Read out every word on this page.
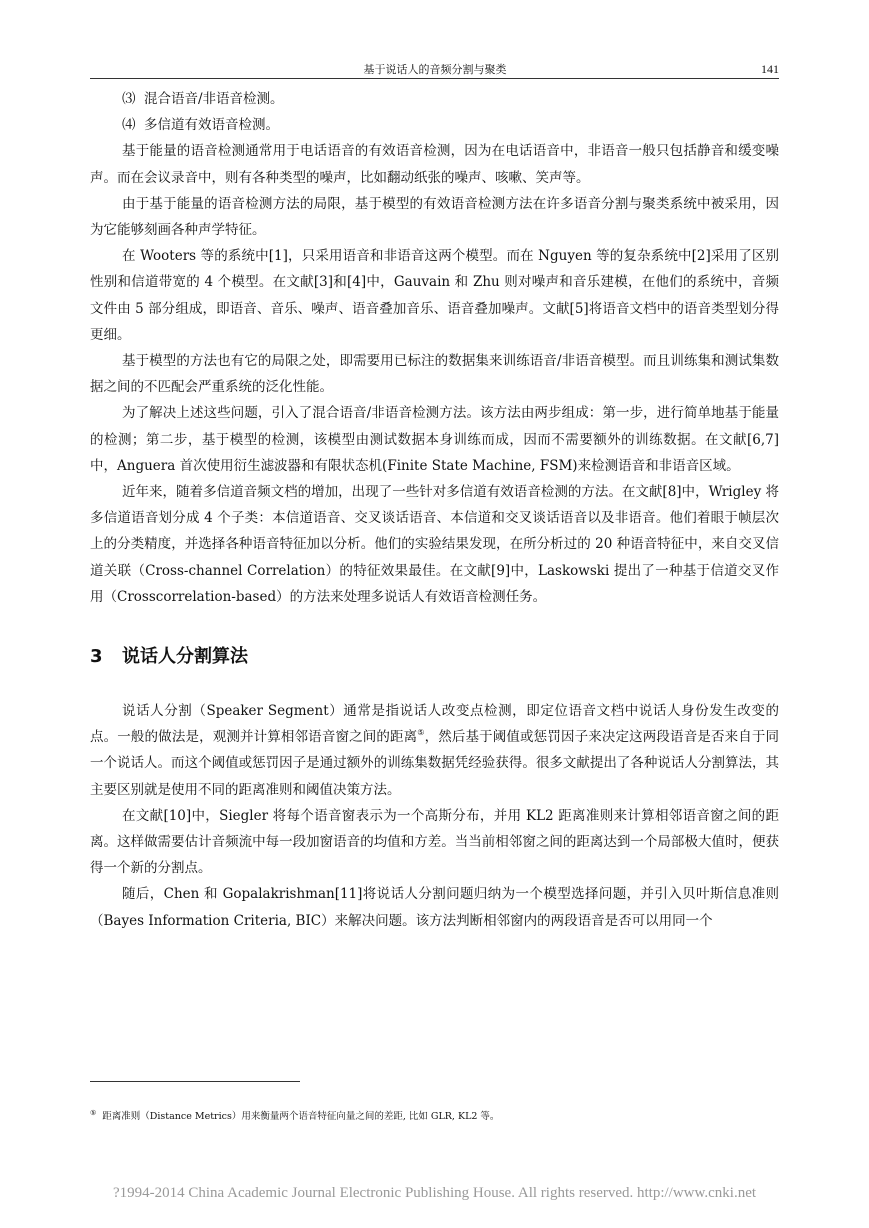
基于说话人的音频分割与聚类	141

⑶ 混合语音/非语音检测。

⑷ 多信道有效语音检测。

基于能量的语音检测通常用于电话语音的有效语音检测，因为在电话语音中，非语音一般只包括静音和缓变噪声。而在会议录音中，则有各种类型的噪声，比如翻动纸张的噪声、咳嗽、笑声等。

由于基于能量的语音检测方法的局限，基于模型的有效语音检测方法在许多语音分割与聚类系统中被采用，因为它能够刻画各种声学特征。

在 Wooters 等的系统中[1]，只采用语音和非语音这两个模型。而在 Nguyen 等的复杂系统中[2]采用了区别性别和信道带宽的 4 个模型。在文献[3]和[4]中，Gauvain 和 Zhu 则对噪声和音乐建模，在他们的系统中，音频文件由 5 部分组成，即语音、音乐、噪声、语音叠加音乐、语音叠加噪声。文献[5]将语音文档中的语音类型划分得更细。

基于模型的方法也有它的局限之处，即需要用已标注的数据集来训练语音/非语音模型。而且训练集和测试集数据之间的不匹配会严重系统的泛化性能。

为了解决上述这些问题，引入了混合语音/非语音检测方法。该方法由两步组成：第一步，进行简单地基于能量的检测；第二步，基于模型的检测，该模型由测试数据本身训练而成，因而不需要额外的训练数据。在文献[6,7]中，Anguera 首次使用衍生滤波器和有限状态机(Finite State Machine, FSM)来检测语音和非语音区域。

近年来，随着多信道音频文档的增加，出现了一些针对多信道有效语音检测的方法。在文献[8]中，Wrigley 将多信道语音划分成 4 个子类：本信道语音、交叉谈话语音、本信道和交叉谈话语音以及非语音。他们着眼于帧层次上的分类精度，并选择各种语音特征加以分析。他们的实验结果发现，在所分析过的 20 种语音特征中，来自交叉信道关联（Cross-channel Correlation）的特征效果最佳。在文献[9]中，Laskowski 提出了一种基于信道交叉作用（Crosscorrelation-based）的方法来处理多说话人有效语音检测任务。

3 说话人分割算法

说话人分割（Speaker Segment）通常是指说话人改变点检测，即定位语音文档中说话人身份发生改变的点。一般的做法是，观测并计算相邻语音窗之间的距离⑤，然后基于阈值或惩罚因子来决定这两段语音是否来自于同一个说话人。而这个阈值或惩罚因子是通过额外的训练集数据凭经验获得。很多文献提出了各种说话人分割算法，其主要区别就是使用不同的距离准则和阈值决策方法。

在文献[10]中，Siegler 将每个语音窗表示为一个高斯分布，并用 KL2 距离准则来计算相邻语音窗之间的距离。这样做需要估计音频流中每一段加窗语音的均值和方差。当当前相邻窗之间的距离达到一个局部极大值时，便获得一个新的分割点。

随后，Chen 和 Gopalakrishman[11]将说话人分割问题归纳为一个模型选择问题，并引入贝叶斯信息准则（Bayes Information Criteria, BIC）来解决问题。该方法判断相邻窗内的两段语音是否可以用同一个

⑤ 距离准则（Distance Metrics）用来衡量两个语音特征向量之间的差距, 比如 GLR, KL2 等。
?1994-2014 China Academic Journal Electronic Publishing House. All rights reserved. http://www.cnki.net
